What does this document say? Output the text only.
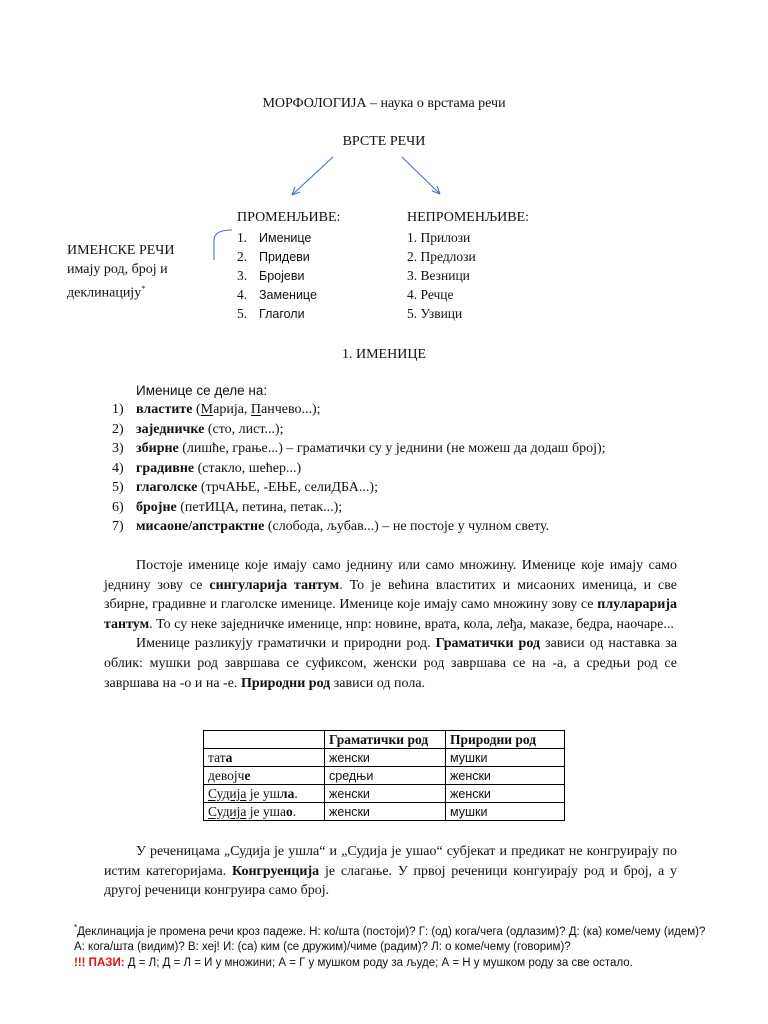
МОРФОЛОГИЈА – наука о врстама речи
ВРСТЕ РЕЧИ
ИМЕНСКЕ РЕЧИ
имају род, број и
деклинацију*
ПРОМЕНЉИВЕ:
1. Именице
2. Придеви
3. Бројеви
4. Заменице
5. Глаголи
НЕПРОМЕНЉИВЕ:
1. Прилози
2. Предлози
3. Везници
4. Речце
5. Узвици
1. ИМЕНИЦЕ
Именице се деле на:
1) властите (Марија, Панчево...);
2) заједничке (сто, лист...);
3) збирне (лишће, грање...) – граматички су у једнини (не можеш да додаш број);
4) градивне (стакло, шећер...)
5) глаголске (трчАЊЕ, -ЕЊЕ, селиДБА...);
6) бројне (петИЦА, петина, петак...);
7) мисаоне/апстрактне (слобода, љубав...) – не постоје у чулном свету.

Постоје именице које имају само једнину или само множину. Именице које имају само једнину зову се сингуларија тантум. То је већина властитих и мисаоних именица, и све збирне, градивне и глаголске именице. Именице које имају само множину зову се плуларарија тантум. То су неке заједничке именице, нпр: новине, врата, кола, леђа, маказе, бедра, наочаре...

Именице разликују граматички и природни род. Граматички род зависи од наставка за облик: мушки род завршава се суфиксом, женски род завршава се на -а, а средњи род се завршава на -о и на -е. Природни род зависи од пола.

	Граматички род	Природни род
тата	женски	мушки
девојче	средњи	женски
Судија је ушла.	женски	женски
Судија је ушао.	женски	мушки

У реченицама „Судија је ушла“ и „Судија је ушао“ субјекат и предикат не конгруирају по истим категоријама. Конгруенција је слагање. У првој реченици конгуирају род и број, а у другој реченици конгруира само број.

*Деклинација је промена речи кроз падеже. Н: ко/шта (постоји)? Г: (од) кога/чега (одлазим)? Д: (ка) коме/чему (идем)?

А: кога/шта (видим)? В: хеј! И: (са) ким (се дружим)/чиме (радим)? Л: о коме/чему (говорим)?

!!! ПАЗИ: Д = Л; Д = Л = И у множини; А = Г у мушком роду за људе; А = Н у мушком роду за све остало.
